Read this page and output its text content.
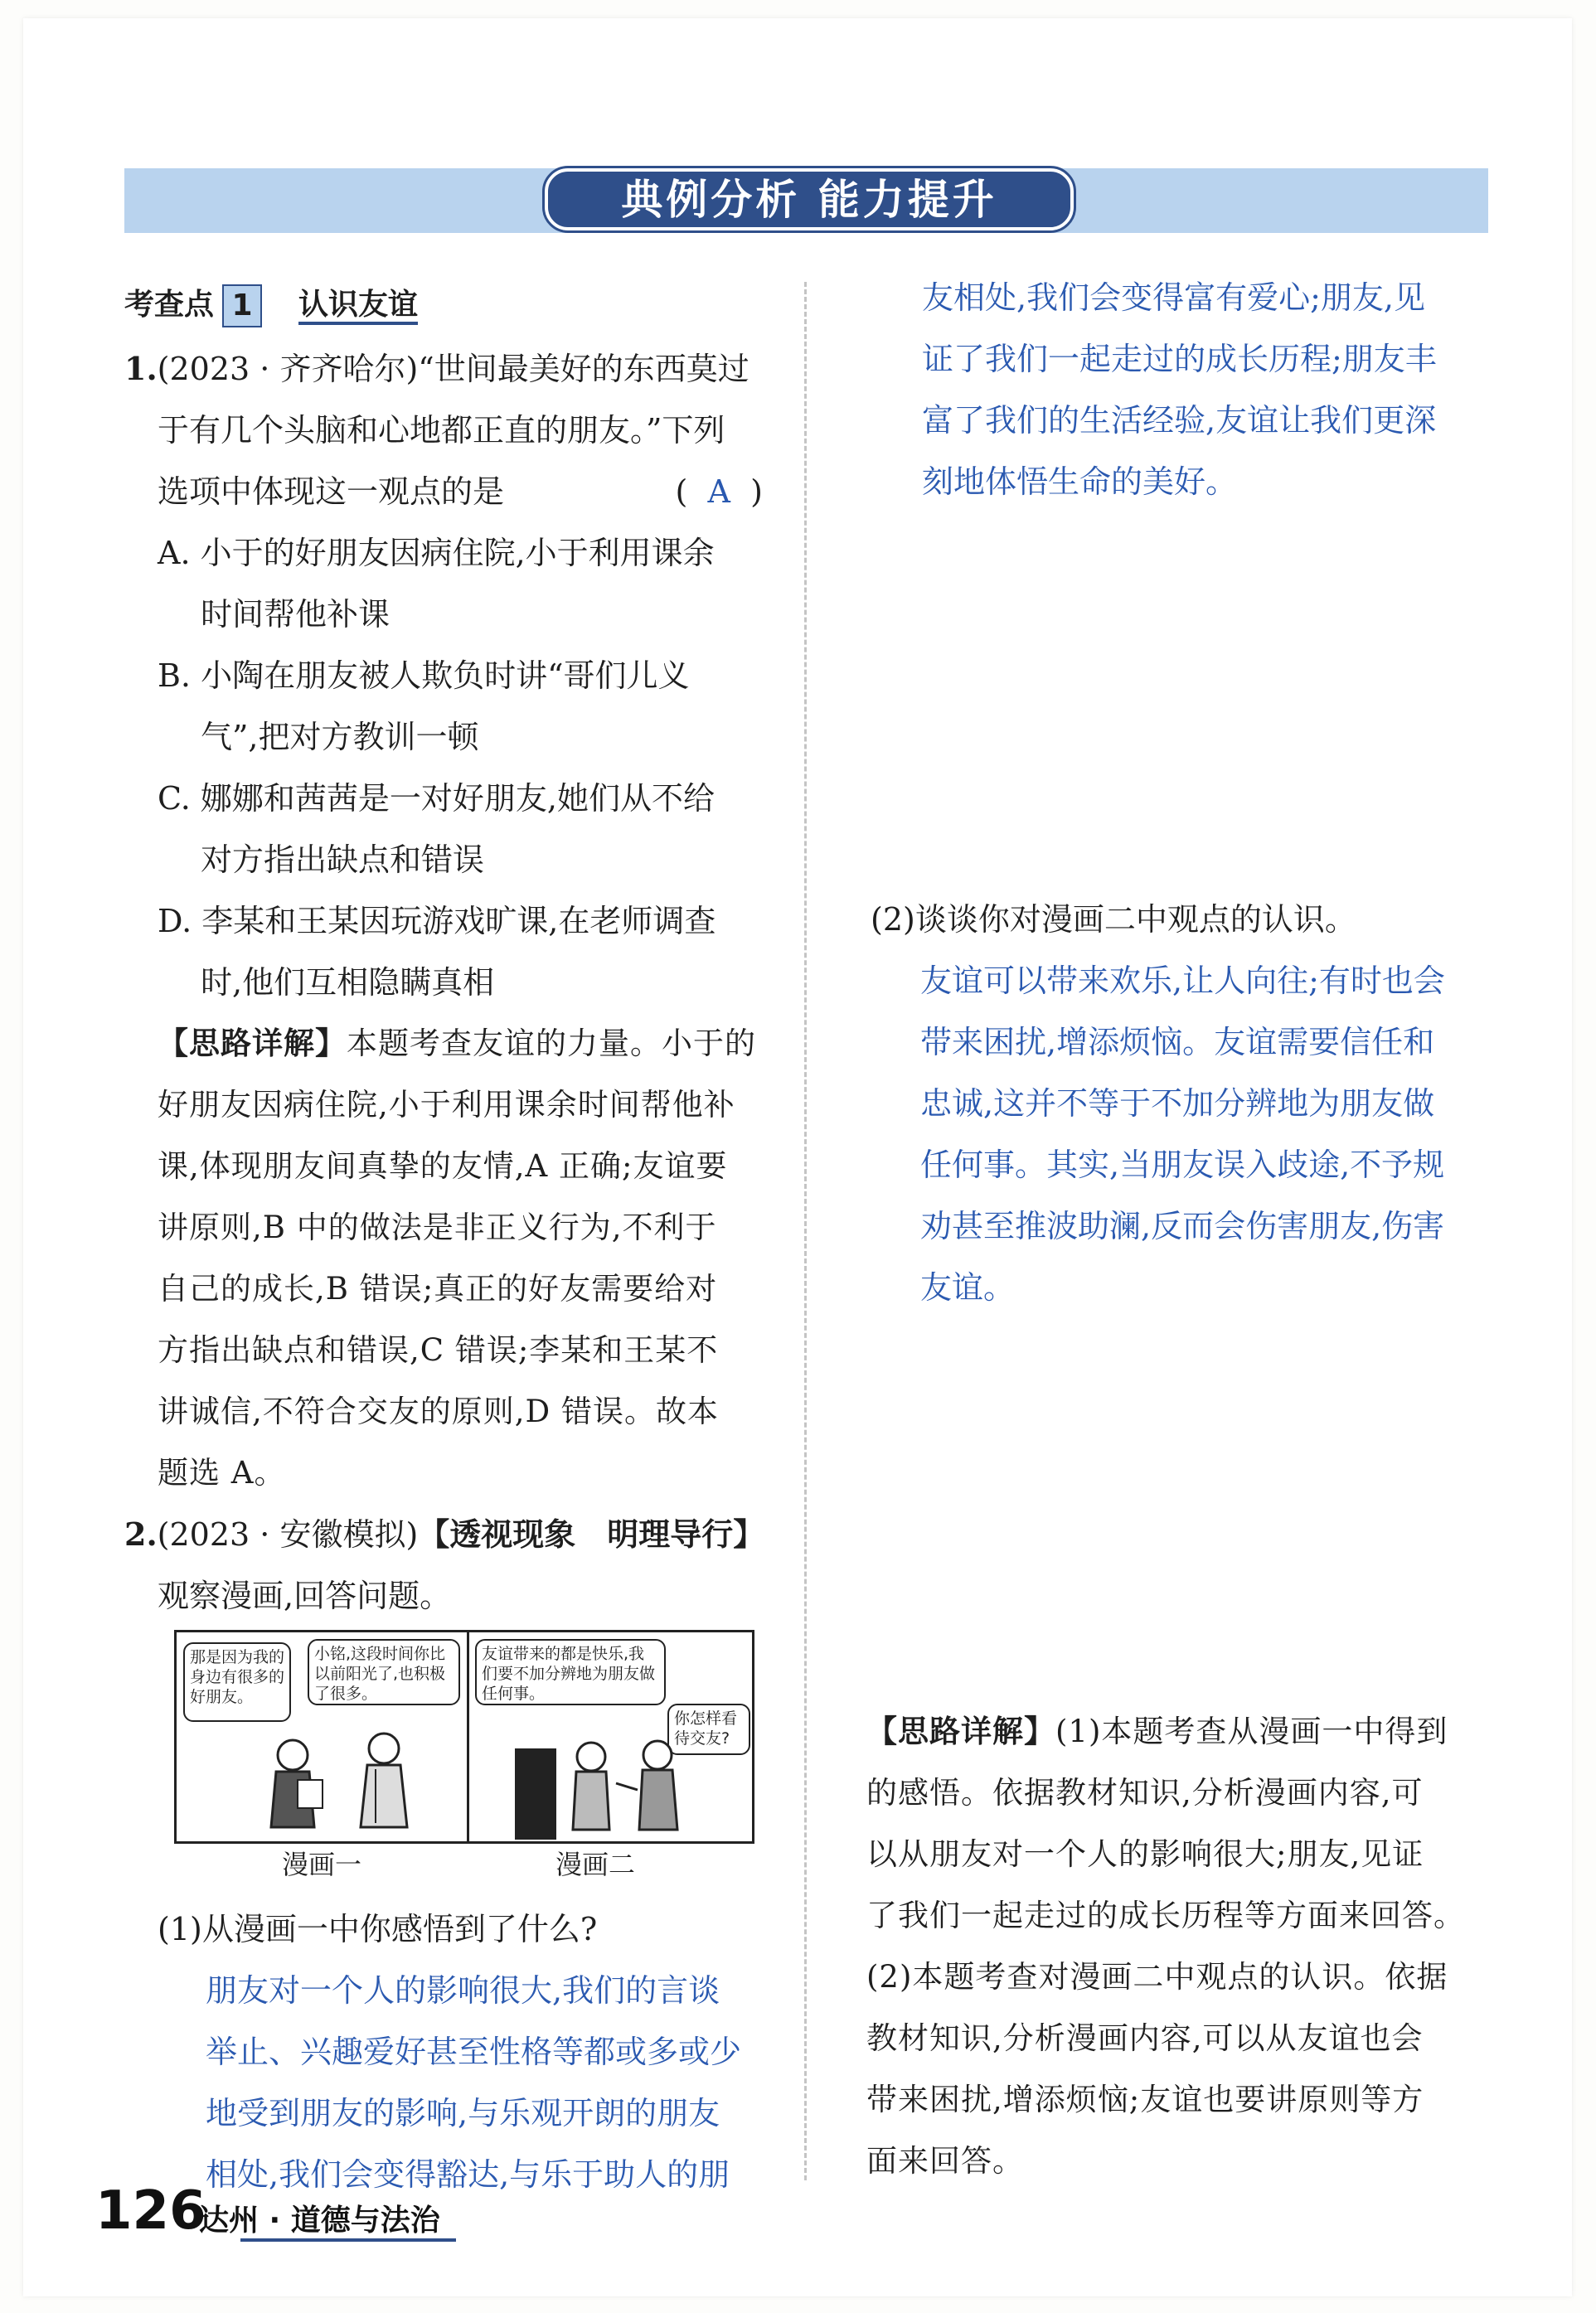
典例分析 能力提升
考查点 1 认识友谊
1.(2023 · 齐齐哈尔)“世间最美好的东西莫过
于有几个头脑和心地都正直的朋友。”下列
选项中体现这一观点的是	( A )
A. 小于的好朋友因病住院,小于利用课余
时间帮他补课
B. 小陶在朋友被人欺负时讲“哥们儿义
气”,把对方教训一顿
C. 娜娜和茜茜是一对好朋友,她们从不给
对方指出缺点和错误
D. 李某和王某因玩游戏旷课,在老师调查
时,他们互相隐瞒真相
【思路详解】本题考查友谊的力量。小于的
好朋友因病住院,小于利用课余时间帮他补
课,体现朋友间真挚的友情,A 正确;友谊要
讲原则,B 中的做法是非正义行为,不利于
自己的成长,B 错误;真正的好友需要给对
方指出缺点和错误,C 错误;李某和王某不
讲诚信,不符合交友的原则,D 错误。故本
题选 A。
2.(2023 · 安徽模拟)【透视现象　明理导行】
观察漫画,回答问题。
那是因为我的身边有很多的好朋友。
小铭,这段时间你比以前阳光了,也积极了很多。
友谊带来的都是快乐,我们要不加分辨地为朋友做任何事。
你怎样看待交友?
漫画一	漫画二
(1)从漫画一中你感悟到了什么?
朋友对一个人的影响很大,我们的言谈
举止、兴趣爱好甚至性格等都或多或少
地受到朋友的影响,与乐观开朗的朋友
相处,我们会变得豁达,与乐于助人的朋
友相处,我们会变得富有爱心;朋友,见
证了我们一起走过的成长历程;朋友丰
富了我们的生活经验,友谊让我们更深
刻地体悟生命的美好。
(2)谈谈你对漫画二中观点的认识。
友谊可以带来欢乐,让人向往;有时也会
带来困扰,增添烦恼。友谊需要信任和
忠诚,这并不等于不加分辨地为朋友做
任何事。其实,当朋友误入歧途,不予规
劝甚至推波助澜,反而会伤害朋友,伤害
友谊。
【思路详解】(1)本题考查从漫画一中得到
的感悟。依据教材知识,分析漫画内容,可
以从朋友对一个人的影响很大;朋友,见证
了我们一起走过的成长历程等方面来回答。
(2)本题考查对漫画二中观点的认识。依据
教材知识,分析漫画内容,可以从友谊也会
带来困扰,增添烦恼;友谊也要讲原则等方
面来回答。
126
达州 · 道德与法治
